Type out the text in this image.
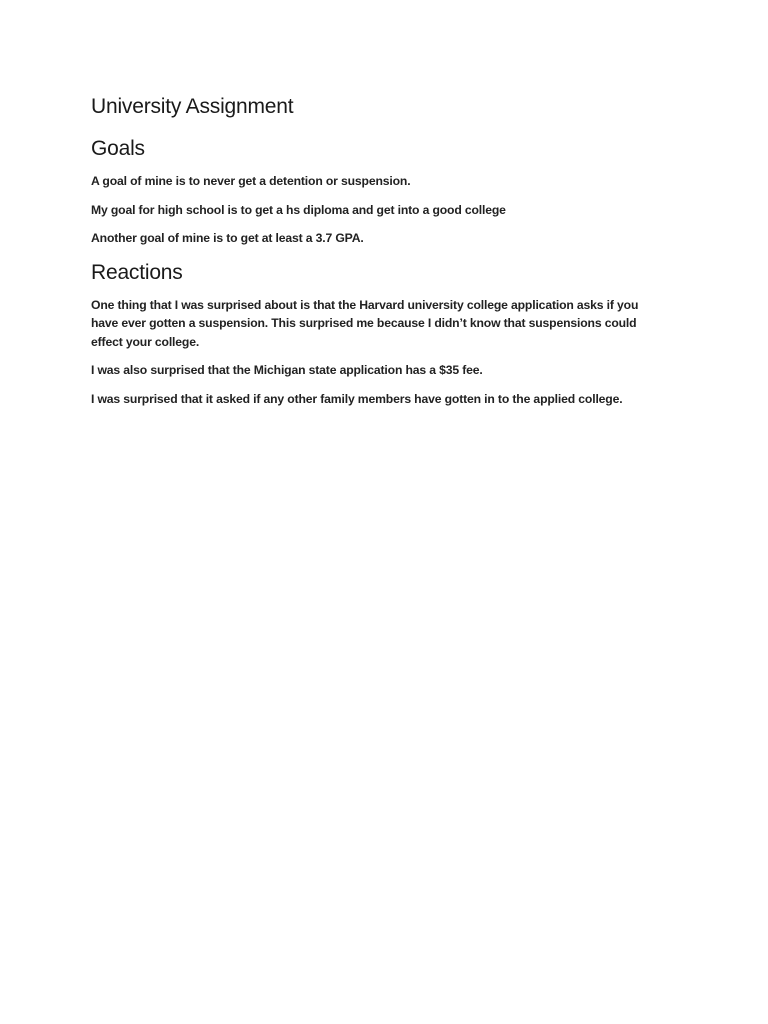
University Assignment
Goals

A goal of mine is to never get a detention or suspension.

My goal for high school is to get a hs diploma and get into a good college

Another goal of mine is to get at least a 3.7 GPA.

Reactions

One thing that I was surprised about is that the Harvard university college application asks if you have ever gotten a suspension. This surprised me because I didn’t know that suspensions could effect your college.

I was also surprised that the Michigan state application has a $35 fee.

I was surprised that it asked if any other family members have gotten in to the applied college.
